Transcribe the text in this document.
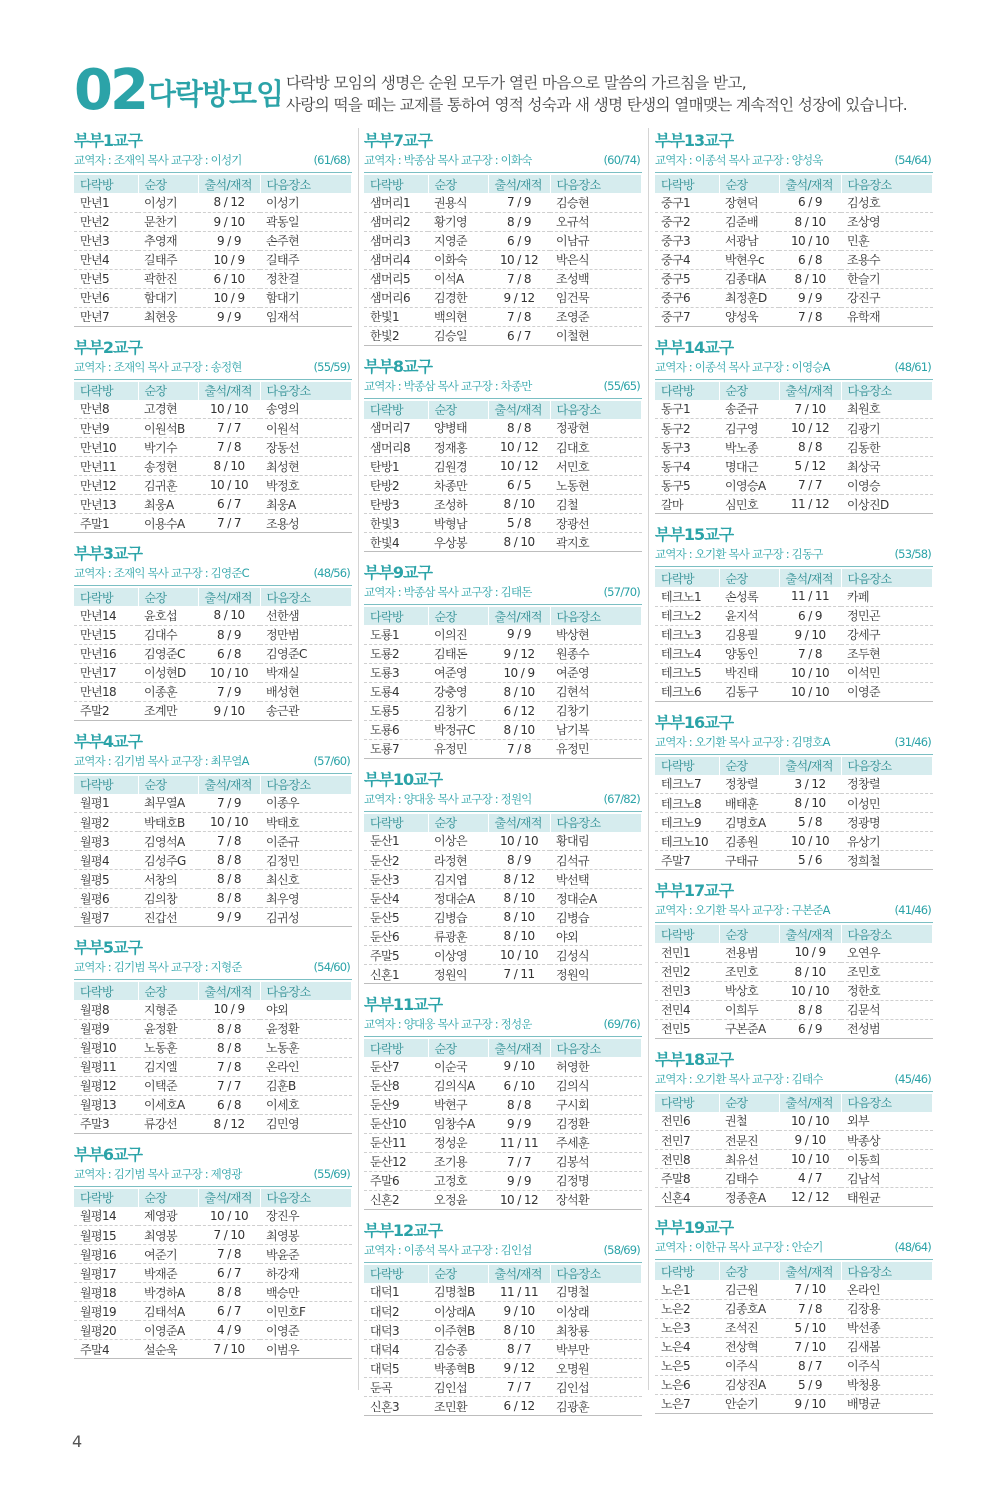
02 다락방모임 다락방 모임의 생명은 순원 모두가 열린 마음으로 말씀의 가르침을 받고,
사랑의 떡을 떼는 교제를 통하여 영적 성숙과 새 생명 탄생의 열매맺는 계속적인 성장에 있습니다.
부부1교구
교역자 : 조재익 목사 교구장 : 이성기	(61/68)
다락방	순장	출석/재적	다음장소
만년1	이성기	8 / 12	이성기
만년2	문찬기	9 / 10	곽동일
만년3	추영재	9 / 9	손주현
만년4	길태주	10 / 9	길태주
만년5	곽한진	6 / 10	정찬걸
만년6	함대기	10 / 9	함대기
만년7	최현웅	9 / 9	임재석
부부2교구
교역자 : 조재익 목사 교구장 : 송정현	(55/59)
다락방	순장	출석/재적	다음장소
만년8	고경현	10 / 10	송영의
만년9	이원석B	7 / 7	이원석
만년10	박기수	7 / 8	장동선
만년11	송정현	8 / 10	최성현
만년12	김귀훈	10 / 10	박정호
만년13	최웅A	6 / 7	최웅A
주말1	이용수A	7 / 7	조용성
부부3교구
교역자 : 조재익 목사 교구장 : 김영준C	(48/56)
다락방	순장	출석/재적	다음장소
만년14	윤호섭	8 / 10	선한샘
만년15	김대수	8 / 9	정만범
만년16	김영준C	6 / 8	김영준C
만년17	이성현D	10 / 10	박재실
만년18	이종훈	7 / 9	배성현
주말2	조계만	9 / 10	송근관
부부4교구
교역자 : 김기범 목사 교구장 : 최무열A	(57/60)
다락방	순장	출석/재적	다음장소
월평1	최무열A	7 / 9	이종우
월평2	박태호B	10 / 10	박태호
월평3	김영석A	7 / 8	이준규
월평4	김성주G	8 / 8	김정민
월평5	서창의	8 / 8	최신호
월평6	김의창	8 / 8	최우영
월평7	진갑선	9 / 9	김귀성
부부5교구
교역자 : 김기범 목사 교구장 : 지형준	(54/60)
다락방	순장	출석/재적	다음장소
월평8	지형준	10 / 9	야외
월평9	윤정환	8 / 8	윤정환
월평10	노동훈	8 / 8	노동훈
월평11	김지엘	7 / 8	온라인
월평12	이택준	7 / 7	김훈B
월평13	이세호A	6 / 8	이세호
주말3	류강선	8 / 12	김민영
부부6교구
교역자 : 김기범 목사 교구장 : 제영광	(55/69)
다락방	순장	출석/재적	다음장소
월평14	제영광	10 / 10	장진우
월평15	최영봉	7 / 10	최영봉
월평16	여준기	7 / 8	박윤준
월평17	박재준	6 / 7	하강재
월평18	박경하A	8 / 8	백승만
월평19	김태석A	6 / 7	이민호F
월평20	이영준A	4 / 9	이영준
주말4	설순욱	7 / 10	이범우
부부7교구
교역자 : 박종삼 목사 교구장 : 이화숙	(60/74)
다락방	순장	출석/재적	다음장소
샘머리1	권용식	7 / 9	김승현
샘머리2	황기영	8 / 9	오규석
샘머리3	지영준	6 / 9	이남규
샘머리4	이화숙	10 / 12	박은식
샘머리5	이석A	7 / 8	조성백
샘머리6	김경한	9 / 12	임건묵
한빛1	백의현	7 / 8	조영준
한빛2	김승일	6 / 7	이철현
부부8교구
교역자 : 박종삼 목사 교구장 : 차종만	(55/65)
다락방	순장	출석/재적	다음장소
샘머리7	양병태	8 / 8	정광현
샘머리8	정재홍	10 / 12	김대호
탄방1	김원경	10 / 12	서민호
탄방2	차종만	6 / 5	노동현
탄방3	조성하	8 / 10	김철
한빛3	박형남	5 / 8	장광선
한빛4	우상봉	8 / 10	곽지호
부부9교구
교역자 : 박종삼 목사 교구장 : 김태돈	(57/70)
다락방	순장	출석/재적	다음장소
도룡1	이의진	9 / 9	박상현
도룡2	김태돈	9 / 12	원종수
도룡3	여준영	10 / 9	여준영
도룡4	강충영	8 / 10	김현석
도룡5	김창기	6 / 12	김창기
도룡6	박정규C	8 / 10	남기복
도룡7	유정민	7 / 8	유정민
부부10교구
교역자 : 양대웅 목사 교구장 : 정원익	(67/82)
다락방	순장	출석/재적	다음장소
둔산1	이상은	10 / 10	황대림
둔산2	라정현	8 / 9	김석규
둔산3	김지엽	8 / 12	박선택
둔산4	정대순A	8 / 10	정대순A
둔산5	김병습	8 / 10	김병습
둔산6	류광훈	8 / 10	야외
주말5	이상영	10 / 10	김성식
신혼1	정원익	7 / 11	정원익
부부11교구
교역자 : 양대웅 목사 교구장 : 정성운	(69/76)
다락방	순장	출석/재적	다음장소
둔산7	이순국	9 / 10	허영한
둔산8	김의식A	6 / 10	김의식
둔산9	박현구	8 / 8	구시회
둔산10	임창수A	9 / 9	김정환
둔산11	정성운	11 / 11	주세훈
둔산12	조기용	7 / 7	김봉석
주말6	고정호	9 / 9	김정명
신혼2	오정윤	10 / 12	장석환
부부12교구
교역자 : 이종석 목사 교구장 : 김인섭	(58/69)
다락방	순장	출석/재적	다음장소
대덕1	김명철B	11 / 11	김명철
대덕2	이상래A	9 / 10	이상래
대덕3	이주현B	8 / 10	최창룡
대덕4	김승종	8 / 7	박부만
대덕5	박종혁B	9 / 12	오명원
둔곡	김인섭	7 / 7	김인섭
신혼3	조민환	6 / 12	김광훈
부부13교구
교역자 : 이종석 목사 교구장 : 양성욱	(54/64)
다락방	순장	출석/재적	다음장소
중구1	장현덕	6 / 9	김성호
중구2	김준배	8 / 10	조상영
중구3	서광남	10 / 10	민훈
중구4	박현우c	6 / 8	조용수
중구5	김종대A	8 / 10	한슬기
중구6	최정훈D	9 / 9	강진구
중구7	양성욱	7 / 8	유학재
부부14교구
교역자 : 이종석 목사 교구장 : 이영승A	(48/61)
다락방	순장	출석/재적	다음장소
동구1	송준규	7 / 10	최원호
동구2	김구영	10 / 12	김광기
동구3	박노종	8 / 8	김동한
동구4	명대근	5 / 12	최상국
동구5	이영승A	7 / 7	이영승
갈마	심민호	11 / 12	이상진D
부부15교구
교역자 : 오기환 목사 교구장 : 김동구	(53/58)
다락방	순장	출석/재적	다음장소
테크노1	손성록	11 / 11	카페
테크노2	윤지석	6 / 9	정민곤
테크노3	김용필	9 / 10	강세구
테크노4	양동인	7 / 8	조두현
테크노5	박진태	10 / 10	이석민
테크노6	김동구	10 / 10	이영준
부부16교구
교역자 : 오기환 목사 교구장 : 김명호A	(31/46)
다락방	순장	출석/재적	다음장소
테크노7	정창렬	3 / 12	정창렬
테크노8	배태훈	8 / 10	이성민
테크노9	김명호A	5 / 8	정광명
테크노10	김종원	10 / 10	유상기
주말7	구태규	5 / 6	정희철
부부17교구
교역자 : 오기환 목사 교구장 : 구본준A	(41/46)
다락방	순장	출석/재적	다음장소
전민1	전용범	10 / 9	오연우
전민2	조민호	8 / 10	조민호
전민3	박상호	10 / 10	정한호
전민4	이희두	8 / 8	김문석
전민5	구본준A	6 / 9	전성범
부부18교구
교역자 : 오기환 목사 교구장 : 김태수	(45/46)
다락방	순장	출석/재적	다음장소
전민6	권철	10 / 10	외부
전민7	전문진	9 / 10	박종상
전민8	최유선	10 / 10	이동희
주말8	김태수	4 / 7	김남석
신혼4	정종훈A	12 / 12	태원균
부부19교구
교역자 : 이한규 목사 교구장 : 안순기	(48/64)
다락방	순장	출석/재적	다음장소
노은1	김근원	7 / 10	온라인
노은2	김종호A	7 / 8	김장용
노은3	조석진	5 / 10	박선종
노은4	전상혁	7 / 10	김새봄
노은5	이주식	8 / 7	이주식
노은6	김상진A	5 / 9	박청용
노은7	안순기	9 / 10	배명균
4
